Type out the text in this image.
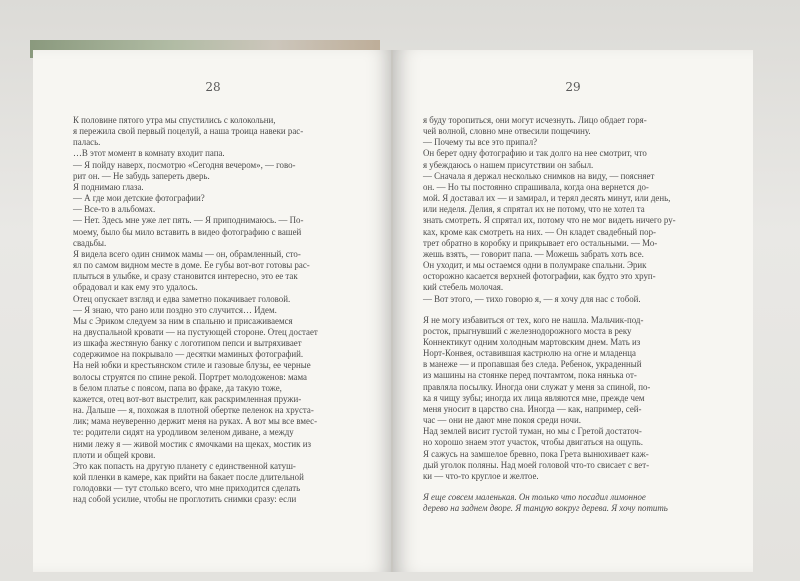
28
К половине пятого утра мы спустились с колокольни,
я пережила свой первый поцелуй, а наша троица навеки рас-
палась.
…В этот момент в комнату входит папа.
— Я пойду наверх, посмотрю «Сегодня вечером», — гово-
рит он. — Не забудь запереть дверь.
Я поднимаю глаза.
— А где мои детские фотографии?
— Все-то в альбомах.
— Нет. Здесь мне уже лет пять. — Я приподнимаюсь. — По-
моему, было бы мило вставить в видео фотографию с вашей
свадьбы.
Я видела всего один снимок мамы — он, обрамленный, сто-
ял по самом видном месте в доме. Ее губы вот-вот готовы рас-
плыться в улыбке, и сразу становится интересно, это ее так
обрадовал и как ему это удалось.
Отец опускает взгляд и едва заметно покачивает головой.
— Я знаю, что рано или поздно это случится… Идем.
Мы с Эриком следуем за ним в спальню и присаживаемся
на двуспальной кровати — на пустующей стороне. Отец достает
из шкафа жестяную банку с логотипом пепси и вытряхивает
содержимое на покрывало — десятки маминых фотографий.
На ней юбки и крестьянском стиле и газовые блузы, ее черные
волосы струятся по спине рекой. Портрет молодоженов: мама
в белом платье с поясом, папа во фраке, да такую тоже,
кажется, отец вот-вот выстрелит, как раскримленная пружи-
на. Дальше — я, похожая в плотной обертке пеленок на хруста-
лик; мама неуверенно держит меня на руках. А вот мы все вмес-
те: родители сидят на уродливом зеленом диване, а между
ними лежу я — живой мостик с ямочками на щеках, мостик из
плоти и общей крови.
Это как попасть на другую планету с единственной катуш-
кой пленки в камере, как прийти на бакает после длительной
голодовки — тут столько всего, что мне приходится сделать
над собой усилие, чтобы не проглотить снимки сразу: если
29
я буду торопиться, они могут исчезнуть. Лицо обдает горя-
чей волной, словно мне отвесили пощечину.
— Почему ты все это припал?
Он берет одну фотографию и так долго на нее смотрит, что
я убеждаюсь о нашем присутствии он забыл.
— Сначала я держал несколько снимков на виду, — поясняет
он. — Но ты постоянно спрашивала, когда она вернется до-
мой. Я доставал их — и замирал, и терял десять минут, или день,
или неделя. Делия, я спрятал их не потому, что не хотел та
знать смотреть. Я спрятал их, потому что не мог видеть ничего ру-
ках, кроме как смотреть на них. — Он кладет свадебный пор-
трет обратно в коробку и прикрывает его остальными. — Мо-
жешь взять, — говорит папа. — Можешь забрать хоть все.
Он уходит, и мы остаемся одни в полумраке спальни. Эрик
осторожно касается верхней фотографии, как будто это хруп-
кий стебель молочая.
— Вот этого, — тихо говорю я, — я хочу для нас с тобой.
Я не могу избавиться от тех, кого не нашла. Мальчик-под-
росток, прыгнувший с железнодорожного моста в реку
Коннектикут одним холодным мартовским днем. Мать из
Норт-Конвея, оставившая кастрюлю на огне и младенца
в манеже — и пропавшая без следа. Ребенок, украденный
из машины на стоянке перед почтамтом, пока нянька от-
правляла посылку. Иногда они служат у меня за спиной, по-
ка я чищу зубы; иногда их лица являются мне, прежде чем
меня уносит в царство сна. Иногда — как, например, сей-
час — они не дают мне покоя среди ночи.
Над землей висит густой туман, но мы с Гретой достаточ-
но хорошо знаем этот участок, чтобы двигаться на ощупь.
Я сажусь на замшелое бревно, пока Грета вынюхивает каж-
дый уголок поляны. Над моей головой что-то свисает с вет-
ки — что-то круглое и желтое.
Я еще совсем маленькая. Он только что посадил лимонное
дерево на заднем дворе. Я танцую вокруг дерева. Я хочу потить
